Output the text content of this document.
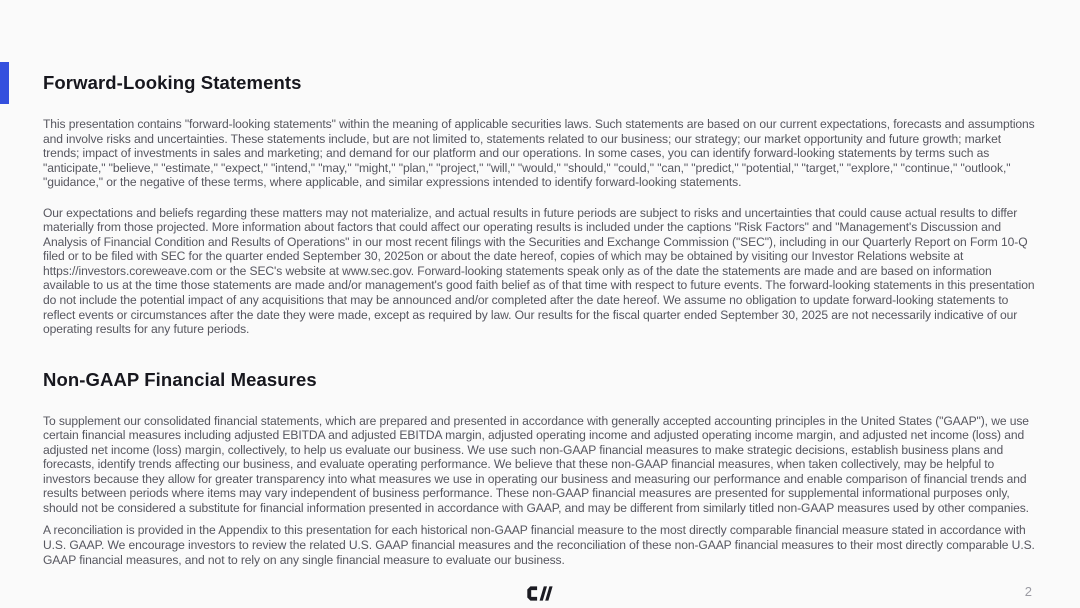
Forward-Looking Statements

This presentation contains "forward-looking statements" within the meaning of applicable securities laws. Such statements are based on our current expectations, forecasts and assumptions and involve risks and uncertainties. These statements include, but are not limited to, statements related to our business; our strategy; our market opportunity and future growth; market trends; impact of investments in sales and marketing; and demand for our platform and our operations. In some cases, you can identify forward-looking statements by terms such as "anticipate," "believe," "estimate," "expect," "intend," "may," "might," "plan," "project," "will," "would," "should," "could," "can," "predict," "potential," "target," "explore," "continue," "outlook," "guidance," or the negative of these terms, where applicable, and similar expressions intended to identify forward-looking statements.

Our expectations and beliefs regarding these matters may not materialize, and actual results in future periods are subject to risks and uncertainties that could cause actual results to differ materially from those projected. More information about factors that could affect our operating results is included under the captions "Risk Factors" and "Management's Discussion and Analysis of Financial Condition and Results of Operations" in our most recent filings with the Securities and Exchange Commission ("SEC"), including in our Quarterly Report on Form 10-Q filed or to be filed with SEC for the quarter ended September 30, 2025on or about the date hereof, copies of which may be obtained by visiting our Investor Relations website at https://investors.coreweave.com or the SEC's website at www.sec.gov. Forward-looking statements speak only as of the date the statements are made and are based on information available to us at the time those statements are made and/or management's good faith belief as of that time with respect to future events. The forward-looking statements in this presentation do not include the potential impact of any acquisitions that may be announced and/or completed after the date hereof. We assume no obligation to update forward-looking statements to reflect events or circumstances after the date they were made, except as required by law. Our results for the fiscal quarter ended September 30, 2025 are not necessarily indicative of our operating results for any future periods.

Non-GAAP Financial Measures

To supplement our consolidated financial statements, which are prepared and presented in accordance with generally accepted accounting principles in the United States ("GAAP"), we use certain financial measures including adjusted EBITDA and adjusted EBITDA margin, adjusted operating income and adjusted operating income margin, and adjusted net income (loss) and adjusted net income (loss) margin, collectively, to help us evaluate our business. We use such non-GAAP financial measures to make strategic decisions, establish business plans and forecasts, identify trends affecting our business, and evaluate operating performance. We believe that these non-GAAP financial measures, when taken collectively, may be helpful to investors because they allow for greater transparency into what measures we use in operating our business and measuring our performance and enable comparison of financial trends and results between periods where items may vary independent of business performance. These non-GAAP financial measures are presented for supplemental informational purposes only, should not be considered a substitute for financial information presented in accordance with GAAP, and may be different from similarly titled non-GAAP measures used by other companies.

A reconciliation is provided in the Appendix to this presentation for each historical non-GAAP financial measure to the most directly comparable financial measure stated in accordance with U.S. GAAP. We encourage investors to review the related U.S. GAAP financial measures and the reconciliation of these non-GAAP financial measures to their most directly comparable U.S. GAAP financial measures, and not to rely on any single financial measure to evaluate our business.

2
